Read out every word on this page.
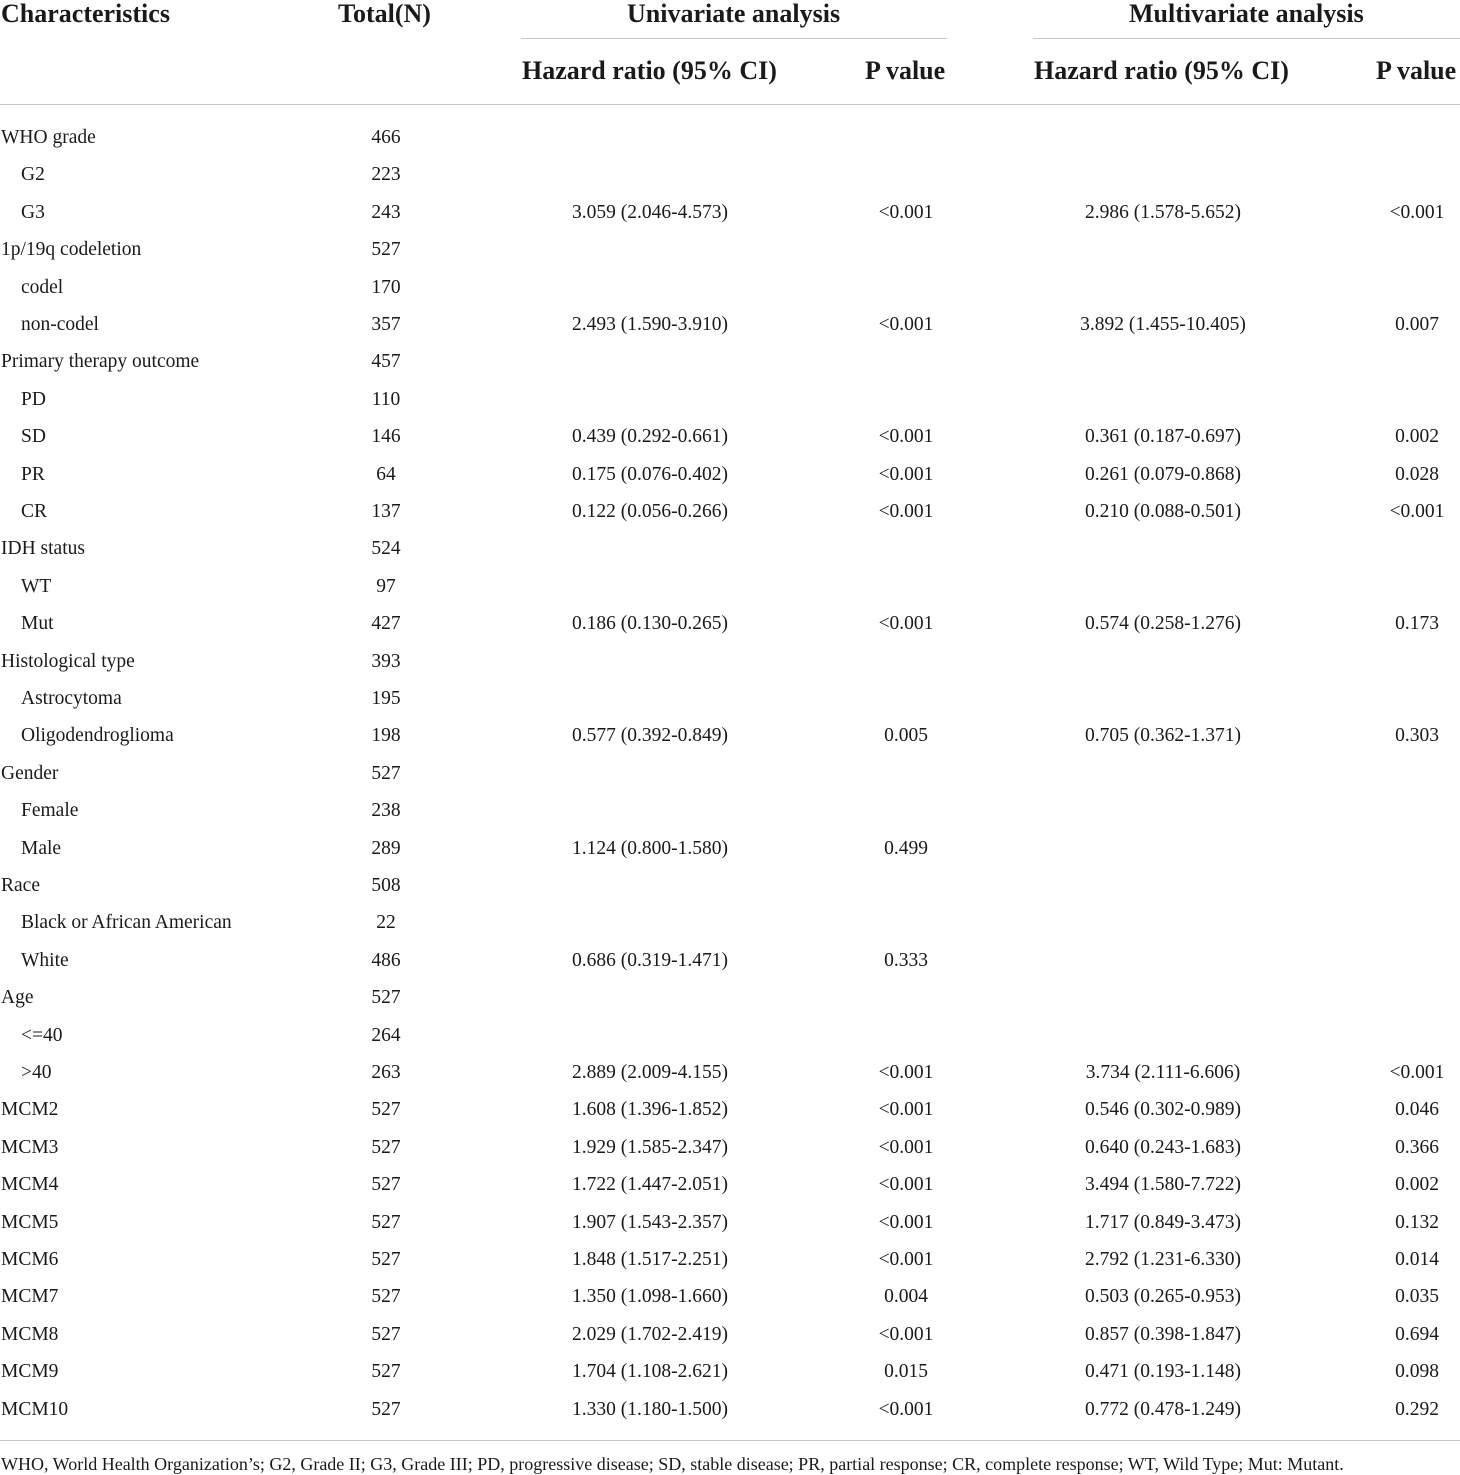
Characteristics	Total(N)	Univariate analysis	Multivariate analysis
Hazard ratio (95% CI)	P value	Hazard ratio (95% CI)	P value
WHO grade	466
G2	223
G3	243	3.059 (2.046-4.573)	<0.001	2.986 (1.578-5.652)	<0.001
1p/19q codeletion	527
codel	170
non-codel	357	2.493 (1.590-3.910)	<0.001	3.892 (1.455-10.405)	0.007
Primary therapy outcome	457
PD	110
SD	146	0.439 (0.292-0.661)	<0.001	0.361 (0.187-0.697)	0.002
PR	64	0.175 (0.076-0.402)	<0.001	0.261 (0.079-0.868)	0.028
CR	137	0.122 (0.056-0.266)	<0.001	0.210 (0.088-0.501)	<0.001
IDH status	524
WT	97
Mut	427	0.186 (0.130-0.265)	<0.001	0.574 (0.258-1.276)	0.173
Histological type	393
Astrocytoma	195
Oligodendroglioma	198	0.577 (0.392-0.849)	0.005	0.705 (0.362-1.371)	0.303
Gender	527
Female	238
Male	289	1.124 (0.800-1.580)	0.499
Race	508
Black or African American	22
White	486	0.686 (0.319-1.471)	0.333
Age	527
<=40	264
>40	263	2.889 (2.009-4.155)	<0.001	3.734 (2.111-6.606)	<0.001
MCM2	527	1.608 (1.396-1.852)	<0.001	0.546 (0.302-0.989)	0.046
MCM3	527	1.929 (1.585-2.347)	<0.001	0.640 (0.243-1.683)	0.366
MCM4	527	1.722 (1.447-2.051)	<0.001	3.494 (1.580-7.722)	0.002
MCM5	527	1.907 (1.543-2.357)	<0.001	1.717 (0.849-3.473)	0.132
MCM6	527	1.848 (1.517-2.251)	<0.001	2.792 (1.231-6.330)	0.014
MCM7	527	1.350 (1.098-1.660)	0.004	0.503 (0.265-0.953)	0.035
MCM8	527	2.029 (1.702-2.419)	<0.001	0.857 (0.398-1.847)	0.694
MCM9	527	1.704 (1.108-2.621)	0.015	0.471 (0.193-1.148)	0.098
MCM10	527	1.330 (1.180-1.500)	<0.001	0.772 (0.478-1.249)	0.292
WHO, World Health Organization’s; G2, Grade II; G3, Grade III; PD, progressive disease; SD, stable disease; PR, partial response; CR, complete response; WT, Wild Type; Mut: Mutant.
